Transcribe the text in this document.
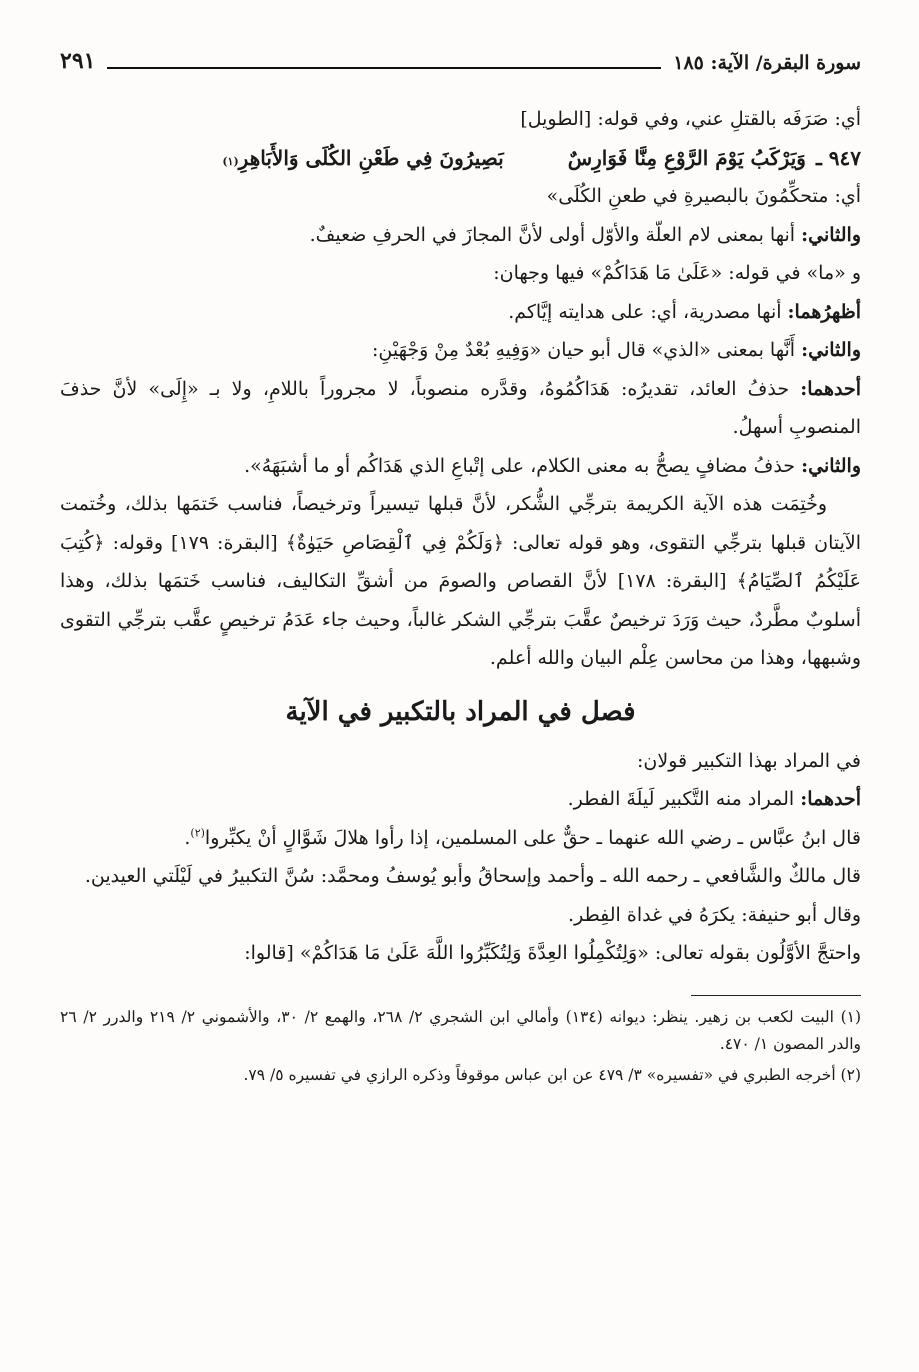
سورة البقرة/ الآية: ١٨٥
٢٩١

أي: صَرَفَه بالقتلِ عني، وفي قوله: [الطويل]

٩٤٧ ـ
وَيَرْكَبُ يَوْمَ الرَّوْعِ مِنَّا فَوَارِسٌ
بَصِيرُونَ فِي طَعْنِ الكُلَى وَالأَبَاهِرِ
(١)

أي: متحكِّمُونَ بالبصيرةِ في طعنِ الكُلَى»

والثاني: أنها بمعنى لام العلّة والأوّل أولى لأنَّ المجازَ في الحرفِ ضعيفٌ.

و «ما» في قوله: «عَلَىٰ مَا هَدَاكُمْ» فيها وجهان:

أظهرُهما: أنها مصدرية، أي: على هدايته إيَّاكم.

والثاني: أَنَّها بمعنى «الذي» قال أبو حيان «وَفِيهِ بُعْدٌ مِنْ وَجْهَيْنِ:

أحدهما: حذفُ العائد، تقديرُه: هَدَاكُمُوهُ، وقدَّره منصوباً، لا مجروراً باللامِ، ولا بـ «إِلَى» لأنَّ حذفَ المنصوبِ أسهلُ.

والثاني: حذفُ مضافٍ يصحُّ به معنى الكلام، على إتْباعِ الذي هَدَاكُم أو ما أشبَهَهُ».

وخُتِمَت هذه الآية الكريمة بترجِّي الشُّكر، لأنَّ قبلها تيسيراً وترخيصاً، فناسب خَتمَها بذلك، وخُتمت الآيتان قبلها بترجِّي التقوى، وهو قوله تعالى: ﴿وَلَكُمْ فِي ٱلْقِصَاصِ حَيَوٰةٌ﴾ [البقرة: ١٧٩] وقوله: ﴿كُتِبَ عَلَيْكُمُ ٱلصِّيَامُ﴾ [البقرة: ١٧٨] لأنَّ القصاص والصومَ من أشقِّ التكاليف، فناسب خَتمَها بذلك، وهذا أسلوبٌ مطَّردٌ، حيث وَرَدَ ترخيصٌ عقَّبَ بترجِّي الشكر غالباً، وحيث جاء عَدَمُ ترخيصٍ عقَّب بترجِّي التقوى وشبهها، وهذا من محاسن عِلْم البيان والله أعلم.

فصل في المراد بالتكبير في الآية

في المراد بهذا التكبير قولان:

أحدهما: المراد منه التَّكبير لَيلَةَ الفطر.

قال ابنُ عبَّاس ـ رضي الله عنهما ـ حقٌّ على المسلمين، إذا رأوا هلالَ شَوَّالٍ أنْ يكبِّروا$^{(٢)}$.

قال مالكٌ والشَّافعي ـ رحمه الله ـ وأحمد وإسحاقُ وأبو يُوسفُ ومحمَّد: سُنَّ التكبيرُ في لَيْلَتي العيدين.

وقال أبو حنيفة: يكرَهُ في غداة الفِطر.

واحتجَّ الأوَّلُون بقوله تعالى: «وَلِتُكْمِلُوا العِدَّةَ وَلِتُكَبِّرُوا اللَّهَ عَلَىٰ مَا هَدَاكُمْ» [قالوا:

(١) البيت لكعب بن زهير. ينظر: ديوانه (١٣٤) وأمالي ابن الشجري ٢/ ٢٦٨، والهمع ٢/ ٣٠، والأشموني ٢/ ٢١٩ والدرر ٢/ ٢٦ والدر المصون ١/ ٤٧٠.

(٢) أخرجه الطبري في «تفسيره» ٣/ ٤٧٩ عن ابن عباس موقوفاً وذكره الرازي في تفسيره ٥/ ٧٩.
